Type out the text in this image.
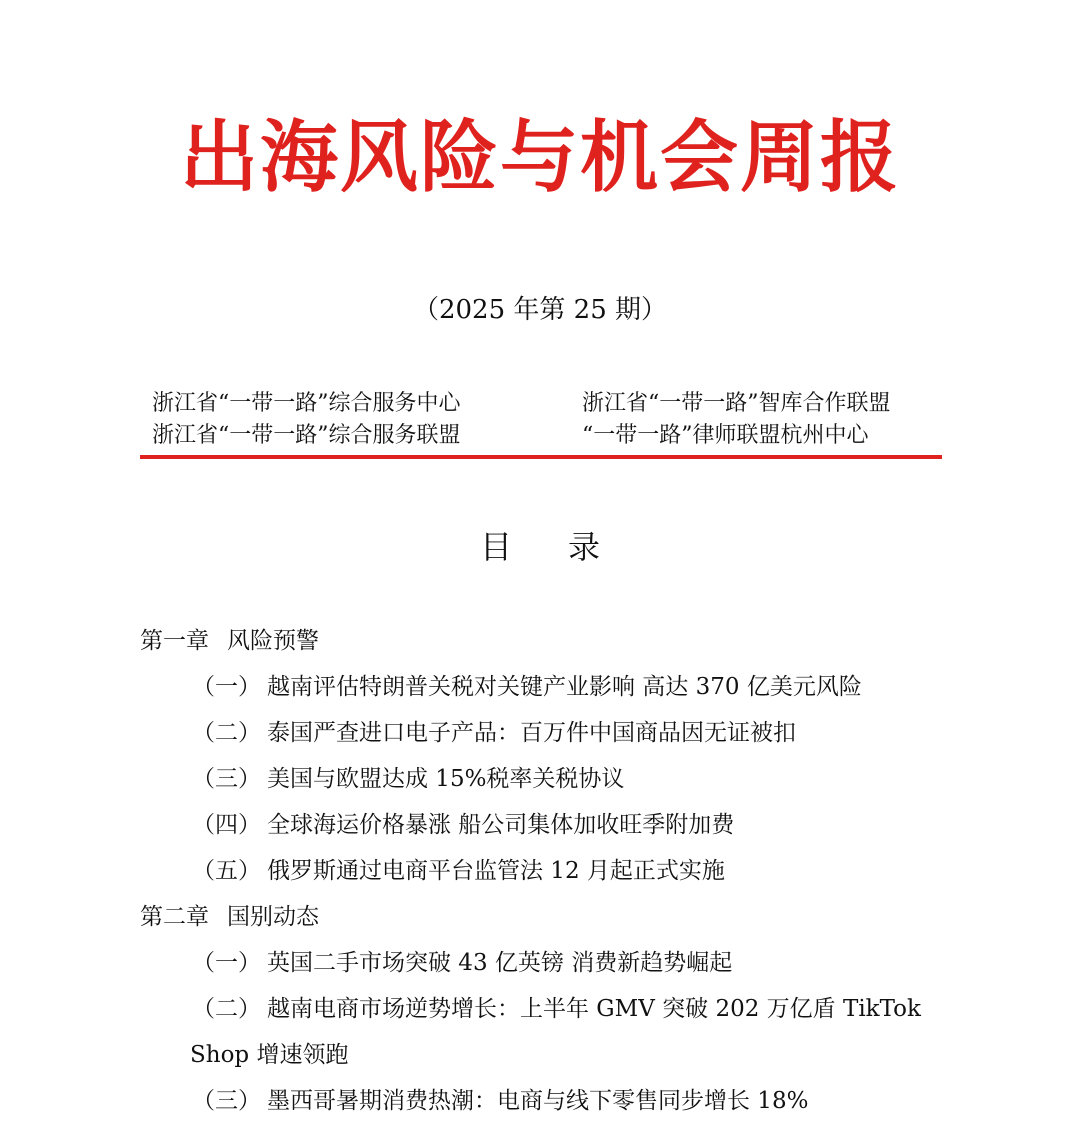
出海风险与机会周报
（2025 年第 25 期）
浙江省“一带一路”综合服务中心
浙江省“一带一路”综合服务联盟
浙江省“一带一路”智库合作联盟
“一带一路”律师联盟杭州中心
目 录
第一章 风险预警
（一） 越南评估特朗普关税对关键产业影响 高达 370 亿美元风险
（二） 泰国严查进口电子产品：百万件中国商品因无证被扣
（三） 美国与欧盟达成 15%税率关税协议
（四） 全球海运价格暴涨 船公司集体加收旺季附加费
（五） 俄罗斯通过电商平台监管法 12 月起正式实施
第二章 国别动态
（一） 英国二手市场突破 43 亿英镑 消费新趋势崛起
（二） 越南电商市场逆势增长：上半年 GMV 突破 202 万亿盾 TikTok
Shop 增速领跑
（三） 墨西哥暑期消费热潮：电商与线下零售同步增长 18%
